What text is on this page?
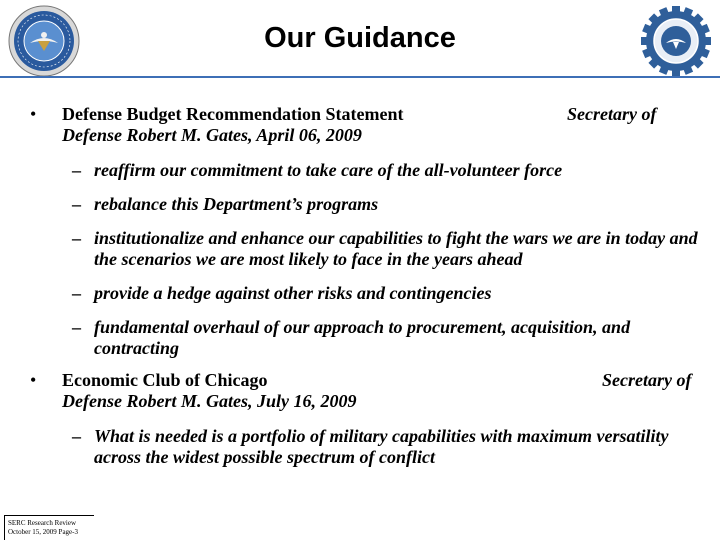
Our Guidance
• Defense Budget Recommendation Statement
Defense Robert M. Gates, April 06, 2009
Secretary of
– reaffirm our commitment to take care of the all-volunteer force
– rebalance this Department’s programs
– institutionalize and enhance our capabilities to fight the wars we are in today and the scenarios we are most likely to face in the years ahead
– provide a hedge against other risks and contingencies
– fundamental overhaul of our approach to procurement, acquisition, and contracting
• Economic Club of Chicago
Defense Robert M. Gates, July 16, 2009
Secretary of
– What is needed is a portfolio of military capabilities with maximum versatility across the widest possible spectrum of conflict
SERC Research Review
October 15, 2009 Page-3
